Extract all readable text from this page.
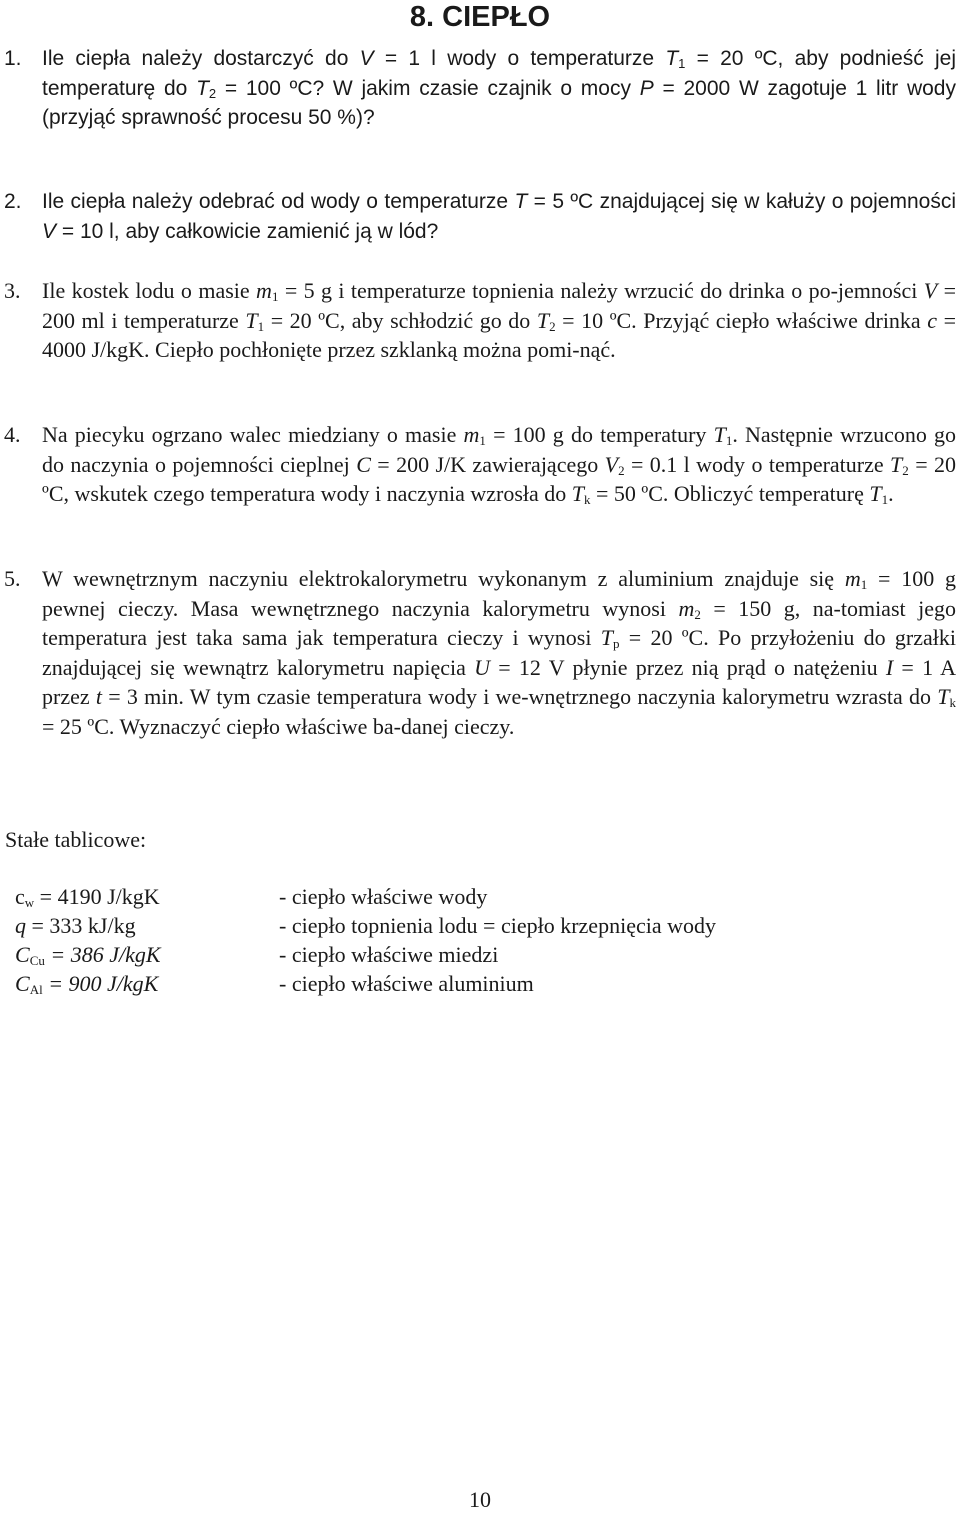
8. CIEPŁO
1. Ile ciepła należy dostarczyć do V = 1 l wody o temperaturze $T_1 = 20$ ºC, aby podnieść jej temperaturę do $T_2 = 100$ ºC? W jakim czasie czajnik o mocy P = 2000 W zagotuje 1 litr wody (przyjąć sprawność procesu 50 %)?
2. Ile ciepła należy odebrać od wody o temperaturze T = 5 ºC znajdującej się w kałuży o pojemności V = 10 l, aby całkowicie zamienić ją w lód?
3. Ile kostek lodu o masie $m_1 = 5$ g i temperaturze topnienia należy wrzucić do drinka o po-jemności V = 200 ml i temperaturze $T_1 = 20$ ºC, aby schłodzić go do $T_2 = 10$ ºC. Przyjąć ciepło właściwe drinka c = 4000 J/kgK. Ciepło pochłonięte przez szklanką można pomi-nąć.
4. Na piecyku ogrzano walec miedziany o masie $m_1 = 100$ g do temperatury $T_1$. Następnie wrzucono go do naczynia o pojemności cieplnej C = 200 J/K zawierającego $V_2 = 0.1$ l wody o temperaturze $T_2 = 20$ ºC, wskutek czego temperatura wody i naczynia wzrosła do $T_k = 50$ ºC. Obliczyć temperaturę $T_1$.
5. W wewnętrznym naczyniu elektrokalorymetru wykonanym z aluminium znajduje się $m_1 = 100$ g pewnej cieczy. Masa wewnętrznego naczynia kalorymetru wynosi $m_2 = 150$ g, na-tomiast jego temperatura jest taka sama jak temperatura cieczy i wynosi $T_p = 20$ ºC. Po przyłożeniu do grzałki znajdującej się wewnątrz kalorymetru napięcia U = 12 V płynie przez nią prąd o natężeniu I = 1 A przez t = 3 min. W tym czasie temperatura wody i we-wnętrznego naczynia kalorymetru wzrasta do $T_k = 25$ ºC. Wyznaczyć ciepło właściwe ba-danej cieczy.
Stałe tablicowe:
$c_w = 4190$ J/kgK	- ciepło właściwe wody
q = 333 kJ/kg	- ciepło topnienia lodu = ciepło krzepnięcia wody
$C_{Cu} = 386$ J/kgK	- ciepło właściwe miedzi
$C_{Al} = 900$ J/kgK	- ciepło właściwe aluminium
10
